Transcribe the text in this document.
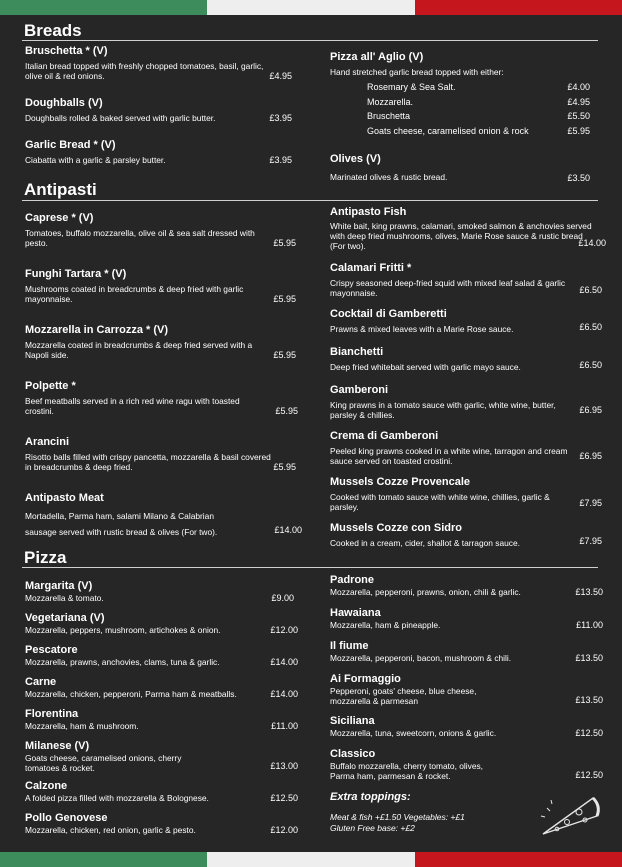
Breads
Bruschetta * (V)
Italian bread topped with freshly chopped tomatoes, basil, garlic, olive oil & red onions.	£4.95
Doughballs (V)
Doughballs rolled & baked served with garlic butter.	£3.95
Garlic Bread * (V)
Ciabatta with a garlic & parsley butter.	£3.95
Pizza all' Aglio (V)
Hand stretched garlic bread topped with either:
Rosemary & Sea Salt.	£4.00
Mozzarella.	£4.95
Bruschetta	£5.50
Goats cheese, caramelised onion & rock	£5.95
Olives (V)
Marinated olives & rustic bread.	£3.50
Antipasti
Caprese * (V)
Tomatoes, buffalo mozzarella, olive oil & sea salt dressed with pesto.	£5.95
Funghi Tartara * (V)
Mushrooms coated in breadcrumbs & deep fried with garlic mayonnaise.	£5.95
Mozzarella in Carrozza * (V)
Mozzarella coated in breadcrumbs & deep fried served with a Napoli side.	£5.95
Polpette *
Beef meatballs served in a rich red wine ragu with toasted crostini.	£5.95
Arancini
Risotto balls filled with crispy pancetta, mozzarella & basil covered in breadcrumbs & deep fried.	£5.95
Antipasto Meat
Mortadella, Parma ham, salami Milano & Calabrian
sausage served with rustic bread & olives (For two).	£14.00
Antipasto Fish
White bait, king prawns, calamari, smoked salmon & anchovies served with deep fried mushrooms, olives, Marie Rose sauce & rustic bread (For two).	£14.00
Calamari Fritti *
Crispy seasoned deep-fried squid with mixed leaf salad & garlic mayonnaise.	£6.50
Cocktail di Gamberetti
Prawns & mixed leaves with a Marie Rose sauce.	£6.50
Bianchetti
Deep fried whitebait served with garlic mayo sauce.	£6.50
Gamberoni
King prawns in a tomato sauce with garlic, white wine, butter, parsley & chillies.	£6.95
Crema di Gamberoni
Peeled king prawns cooked in a white wine, tarragon and cream sauce served on toasted crostini.	£6.95
Mussels Cozze Provencale
Cooked with tomato sauce with white wine, chillies, garlic & parsley.	£7.95
Mussels Cozze con Sidro
Cooked in a cream, cider, shallot & tarragon sauce.	£7.95
Pizza
Margarita (V)
Mozzarella & tomato.	£9.00
Vegetariana (V)
Mozzarella, peppers, mushroom, artichokes & onion.	£12.00
Pescatore
Mozzarella, prawns, anchovies, clams, tuna & garlic.	£14.00
Carne
Mozzarella, chicken, pepperoni, Parma ham & meatballs.	£14.00
Florentina
Mozzarella, ham & mushroom.	£11.00
Milanese (V)
Goats cheese, caramelised onions, cherry tomatoes & rocket.	£13.00
Calzone
A folded pizza filled with mozzarella & Bolognese.	£12.50
Pollo Genovese
Mozzarella, chicken, red onion, garlic & pesto.	£12.00
Padrone
Mozzarella, pepperoni, prawns, onion, chili & garlic.	£13.50
Hawaiana
Mozzarella, ham & pineapple.	£11.00
Il fiume
Mozzarella, pepperoni, bacon, mushroom & chili.	£13.50
Ai Formaggio
Pepperoni, goats' cheese, blue cheese, mozzarella & parmesan	£13.50
Siciliana
Mozzarella, tuna, sweetcorn, onions & garlic.	£12.50
Classico
Buffalo mozzarella, cherry tomato, olives, Parma ham, parmesan & rocket.	£12.50
Extra toppings:
Meat & fish +£1.50 Vegetables: +£1
Gluten Free base: +£2
